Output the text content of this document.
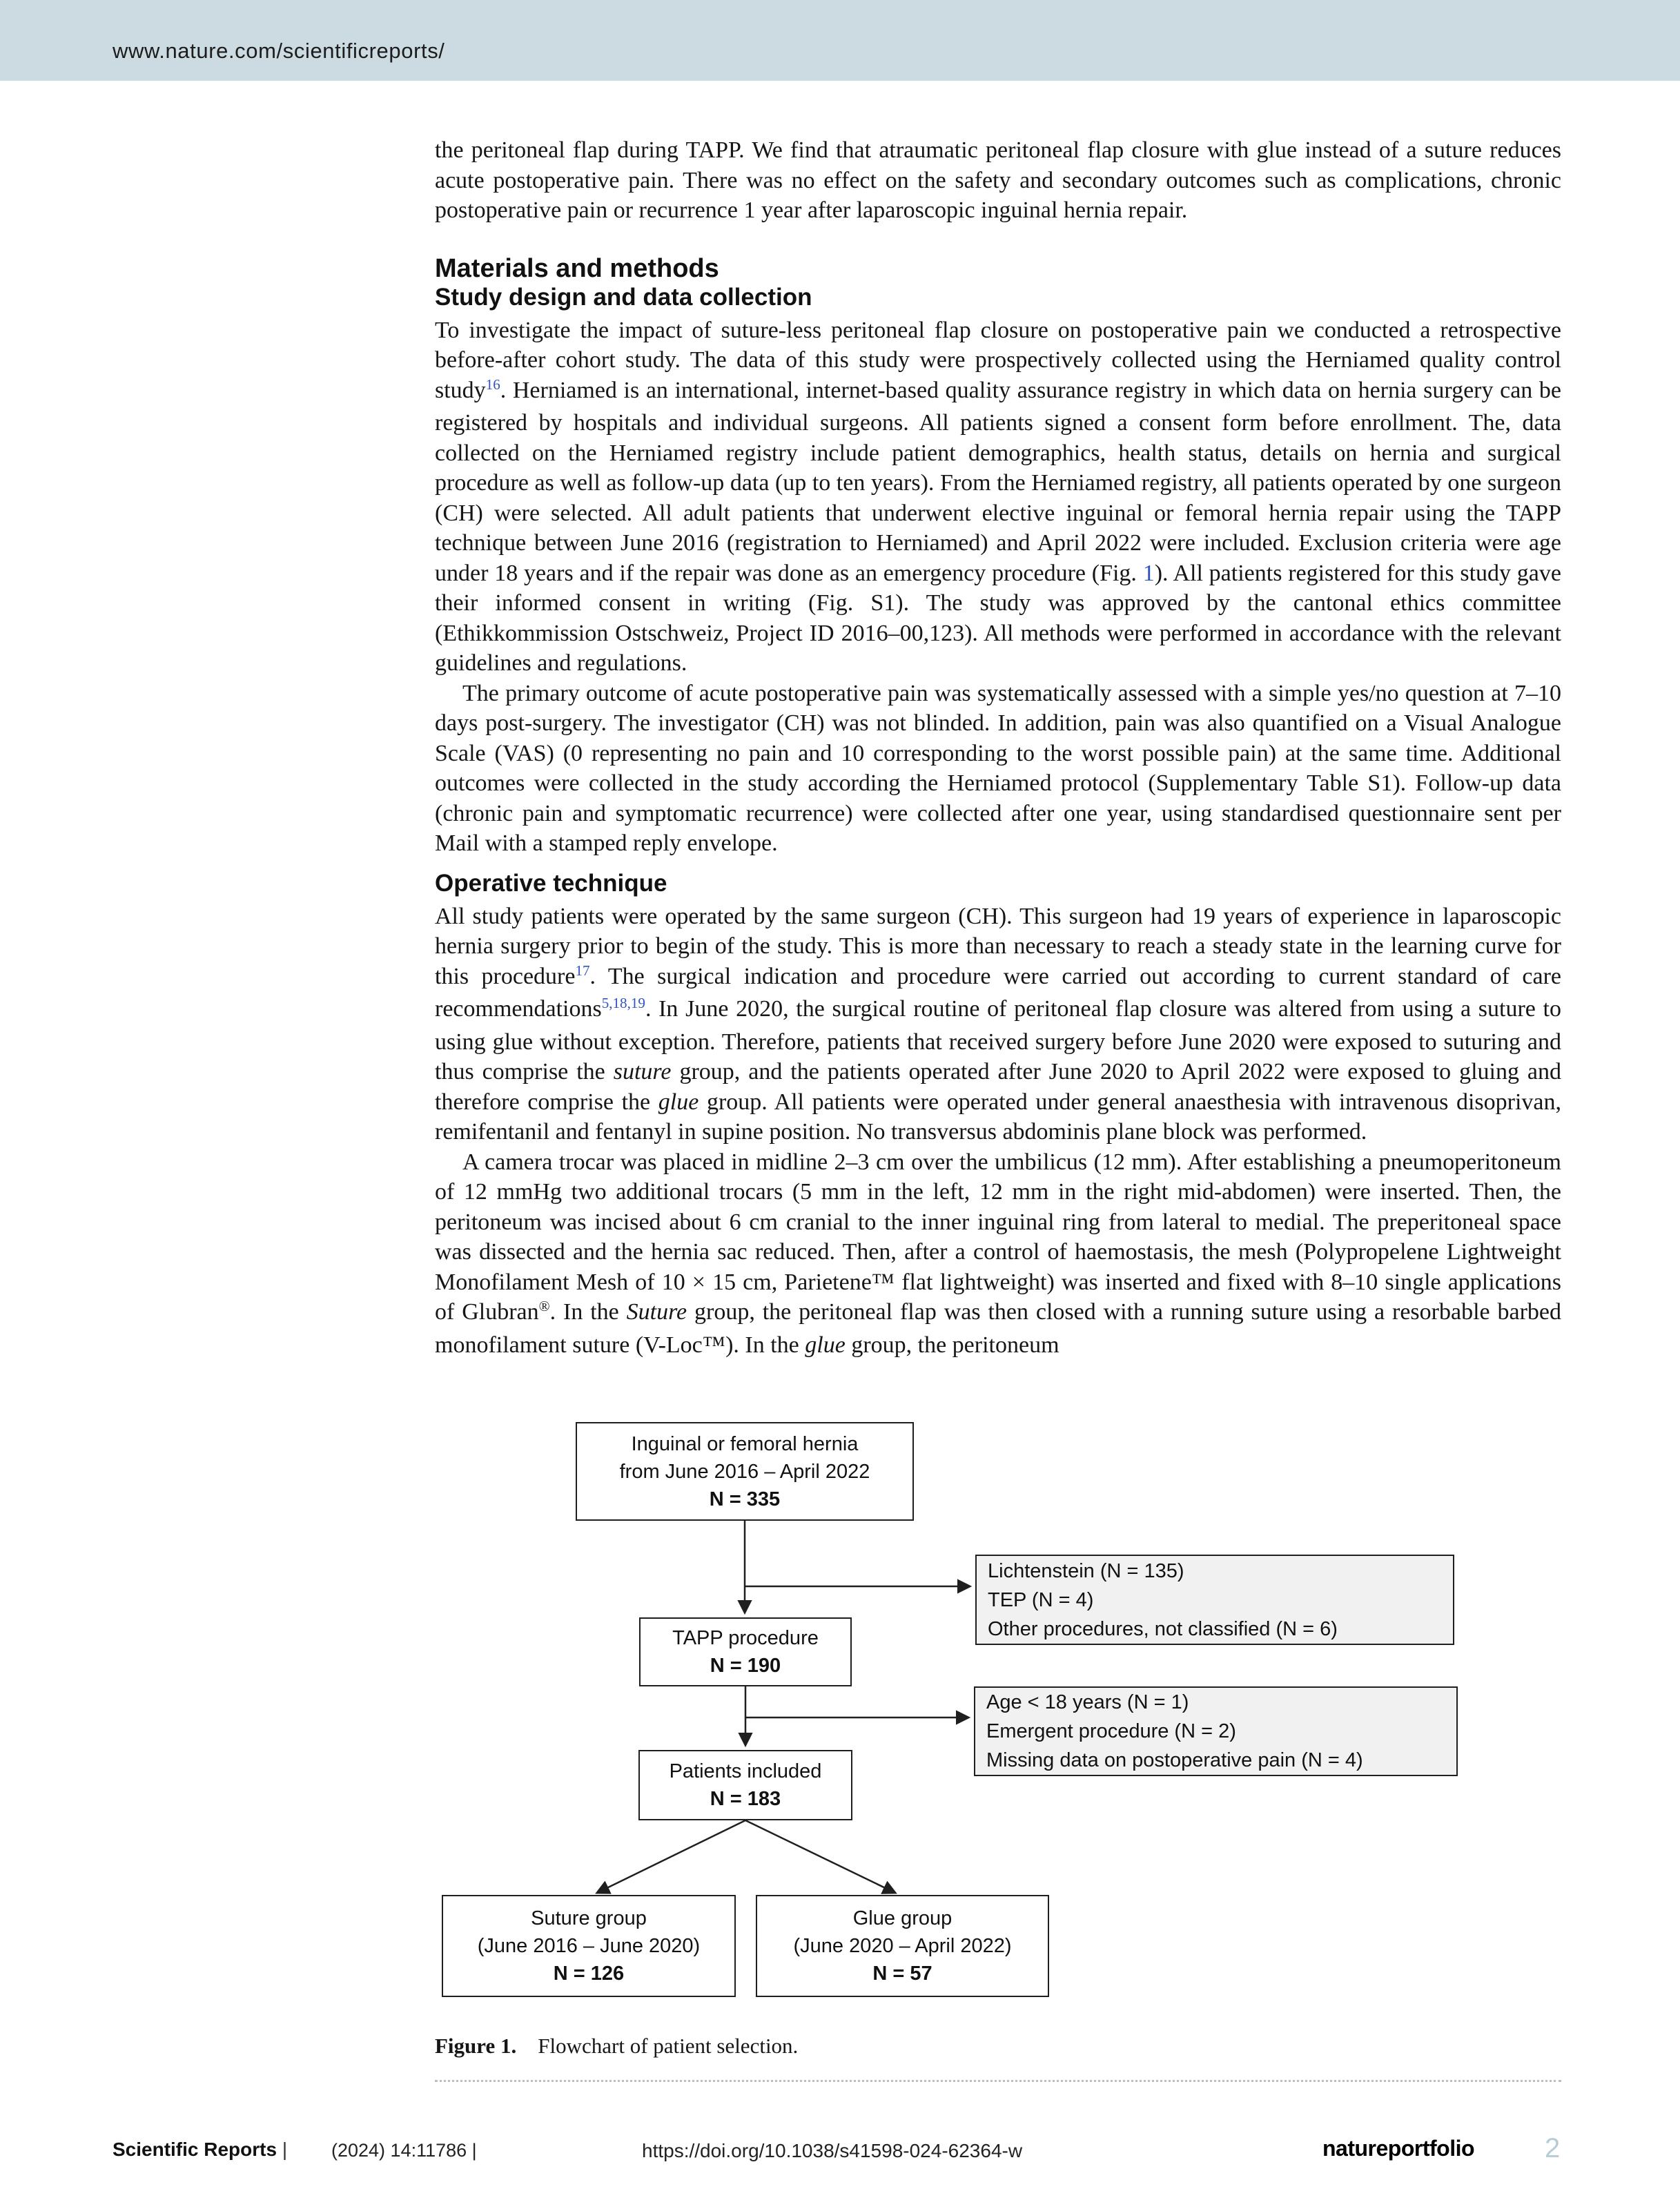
www.nature.com/scientificreports/

the peritoneal flap during TAPP. We find that atraumatic peritoneal flap closure with glue instead of a suture reduces acute postoperative pain. There was no effect on the safety and secondary outcomes such as complications, chronic postoperative pain or recurrence 1 year after laparoscopic inguinal hernia repair.

Materials and methods
Study design and data collection

To investigate the impact of suture-less peritoneal flap closure on postoperative pain we conducted a retrospective before-after cohort study. The data of this study were prospectively collected using the Herniamed quality control study$^{16}$. Herniamed is an international, internet-based quality assurance registry in which data on hernia surgery can be registered by hospitals and individual surgeons. All patients signed a consent form before enrollment. The, data collected on the Herniamed registry include patient demographics, health status, details on hernia and surgical procedure as well as follow-up data (up to ten years). From the Herniamed registry, all patients operated by one surgeon (CH) were selected. All adult patients that underwent elective inguinal or femoral hernia repair using the TAPP technique between June 2016 (registration to Herniamed) and April 2022 were included. Exclusion criteria were age under 18 years and if the repair was done as an emergency procedure (Fig. 1). All patients registered for this study gave their informed consent in writing (Fig. S1). The study was approved by the cantonal ethics committee (Ethikkommission Ostschweiz, Project ID 2016–00,123). All methods were performed in accordance with the relevant guidelines and regulations.

The primary outcome of acute postoperative pain was systematically assessed with a simple yes/no question at 7–10 days post-surgery. The investigator (CH) was not blinded. In addition, pain was also quantified on a Visual Analogue Scale (VAS) (0 representing no pain and 10 corresponding to the worst possible pain) at the same time. Additional outcomes were collected in the study according the Herniamed protocol (Supplementary Table S1). Follow-up data (chronic pain and symptomatic recurrence) were collected after one year, using standardised questionnaire sent per Mail with a stamped reply envelope.

Operative technique

All study patients were operated by the same surgeon (CH). This surgeon had 19 years of experience in laparoscopic hernia surgery prior to begin of the study. This is more than necessary to reach a steady state in the learning curve for this procedure$^{17}$. The surgical indication and procedure were carried out according to current standard of care recommendations$^{5,18,19}$. In June 2020, the surgical routine of peritoneal flap closure was altered from using a suture to using glue without exception. Therefore, patients that received surgery before June 2020 were exposed to suturing and thus comprise the suture group, and the patients operated after June 2020 to April 2022 were exposed to gluing and therefore comprise the glue group. All patients were operated under general anaesthesia with intravenous disoprivan, remifentanil and fentanyl in supine position. No transversus abdominis plane block was performed.

A camera trocar was placed in midline 2–3 cm over the umbilicus (12 mm). After establishing a pneumoperitoneum of 12 mmHg two additional trocars (5 mm in the left, 12 mm in the right mid-abdomen) were inserted. Then, the peritoneum was incised about 6 cm cranial to the inner inguinal ring from lateral to medial. The preperitoneal space was dissected and the hernia sac reduced. Then, after a control of haemostasis, the mesh (Polypropelene Lightweight Monofilament Mesh of 10 × 15 cm, Parietene™ flat lightweight) was inserted and fixed with 8–10 single applications of Glubran®. In the Suture group, the peritoneal flap was then closed with a running suture using a resorbable barbed monofilament suture (V-Loc™). In the glue group, the peritoneum

Inguinal or femoral hernia
from June 2016 – April 2022
N = 335
Lichtenstein (N = 135)
TEP (N = 4)
Other procedures, not classified (N = 6)
TAPP procedure
N = 190
Age < 18 years (N = 1)
Emergent procedure (N = 2)
Missing data on postoperative pain (N = 4)
Patients included
N = 183
Suture group
(June 2016 – June 2020)
N = 126
Glue group
(June 2020 – April 2022)
N = 57
Figure 1. Flowchart of patient selection.
Scientific Reports | (2024) 14:11786 |	https://doi.org/10.1038/s41598-024-62364-w	natureportfolio	2
